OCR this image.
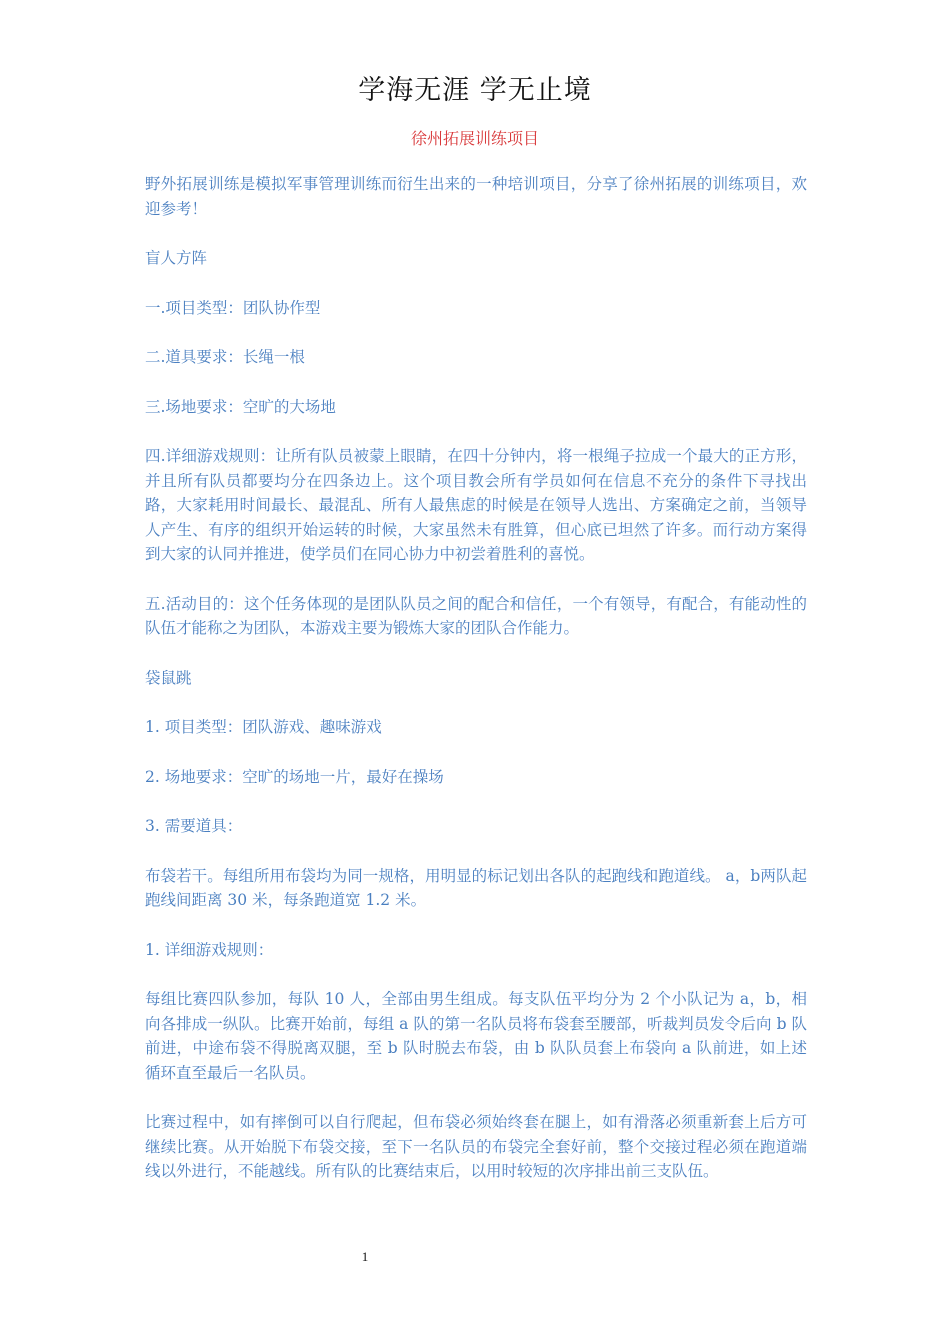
学海无涯 学无止境
徐州拓展训练项目

野外拓展训练是模拟军事管理训练而衍生出来的一种培训项目，分享了徐州拓展的训练项目，欢迎参考！

盲人方阵

一.项目类型：团队协作型

二.道具要求：长绳一根

三.场地要求：空旷的大场地

四.详细游戏规则：让所有队员被蒙上眼睛，在四十分钟内，将一根绳子拉成一个最大的正方形，并且所有队员都要均分在四条边上。这个项目教会所有学员如何在信息不充分的条件下寻找出路，大家耗用时间最长、最混乱、所有人最焦虑的时候是在领导人选出、方案确定之前，当领导人产生、有序的组织开始运转的时候，大家虽然未有胜算，但心底已坦然了许多。而行动方案得到大家的认同并推进，使学员们在同心协力中初尝着胜利的喜悦。

五.活动目的：这个任务体现的是团队队员之间的配合和信任，一个有领导，有配合，有能动性的队伍才能称之为团队，本游戏主要为锻炼大家的团队合作能力。

袋鼠跳

1. 项目类型：团队游戏、趣味游戏

2. 场地要求：空旷的场地一片，最好在操场

3. 需要道具：

布袋若干。每组所用布袋均为同一规格，用明显的标记划出各队的起跑线和跑道线。 a，b两队起跑线间距离 30 米，每条跑道宽 1.2 米。

1. 详细游戏规则：

每组比赛四队参加，每队 10 人，全部由男生组成。每支队伍平均分为 2 个小队记为 a，b，相向各排成一纵队。比赛开始前，每组 a 队的第一名队员将布袋套至腰部，听裁判员发令后向 b 队前进，中途布袋不得脱离双腿，至 b 队时脱去布袋，由 b 队队员套上布袋向 a 队前进，如上述循环直至最后一名队员。

比赛过程中，如有摔倒可以自行爬起，但布袋必须始终套在腿上，如有滑落必须重新套上后方可继续比赛。从开始脱下布袋交接，至下一名队员的布袋完全套好前，整个交接过程必须在跑道端线以外进行，不能越线。所有队的比赛结束后，以用时较短的次序排出前三支队伍。

1
